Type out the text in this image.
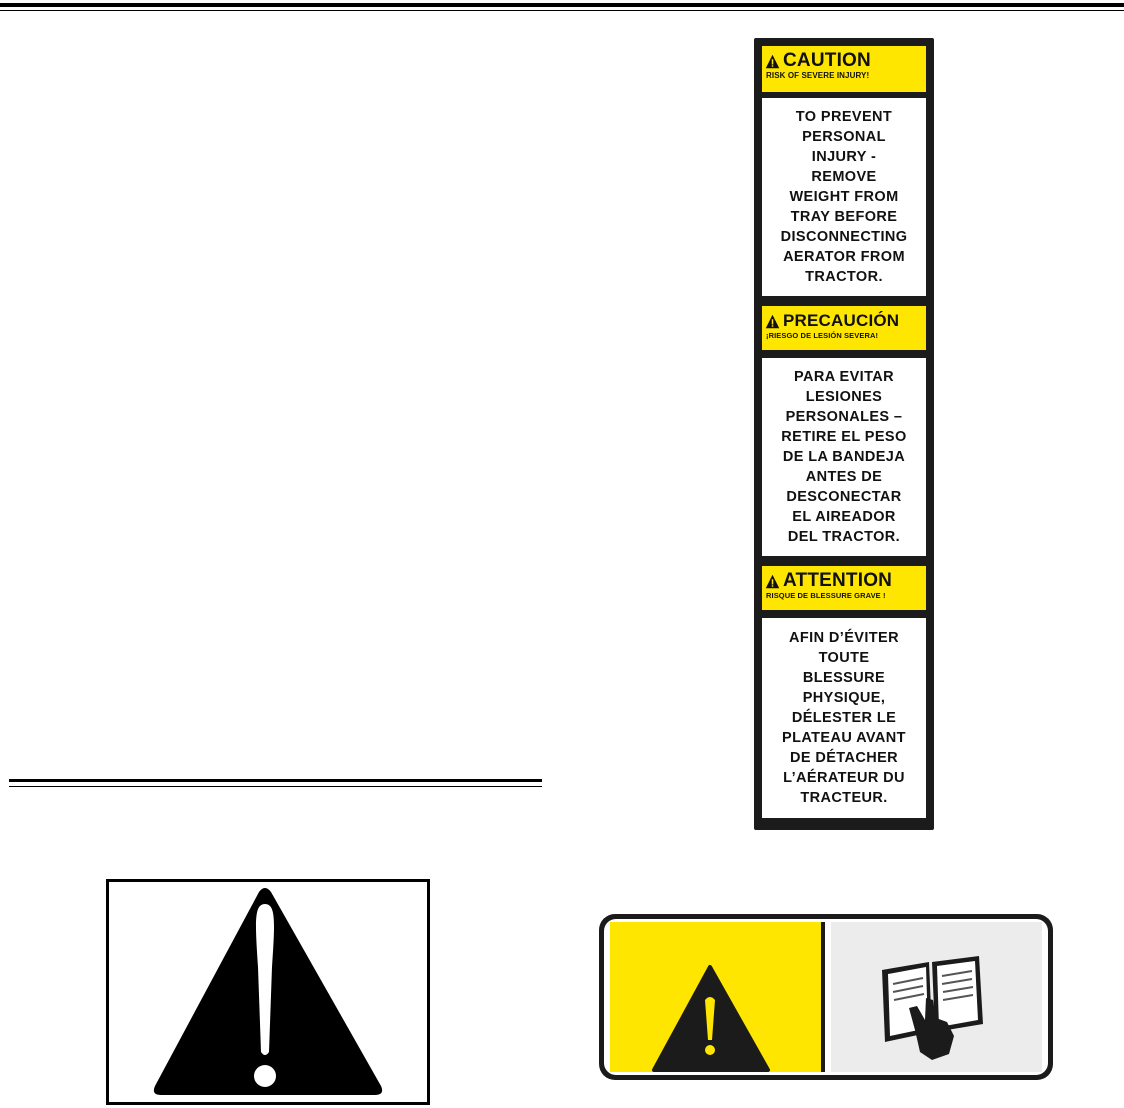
CAUTION
RISK OF SEVERE INJURY!
TO PREVENT
PERSONAL
INJURY -
REMOVE
WEIGHT FROM
TRAY BEFORE
DISCONNECTING
AERATOR FROM
TRACTOR.
PRECAUCIÓN
¡RIESGO DE LESIÓN SEVERA!
PARA EVITAR
LESIONES
PERSONALES –
RETIRE EL PESO
DE LA BANDEJA
ANTES DE
DESCONECTAR
EL AIREADOR
DEL TRACTOR.
ATTENTION
RISQUE DE BLESSURE GRAVE !
AFIN D’ÉVITER
TOUTE
BLESSURE
PHYSIQUE,
DÉLESTER LE
PLATEAU AVANT
DE DÉTACHER
L’AÉRATEUR DU
TRACTEUR.
